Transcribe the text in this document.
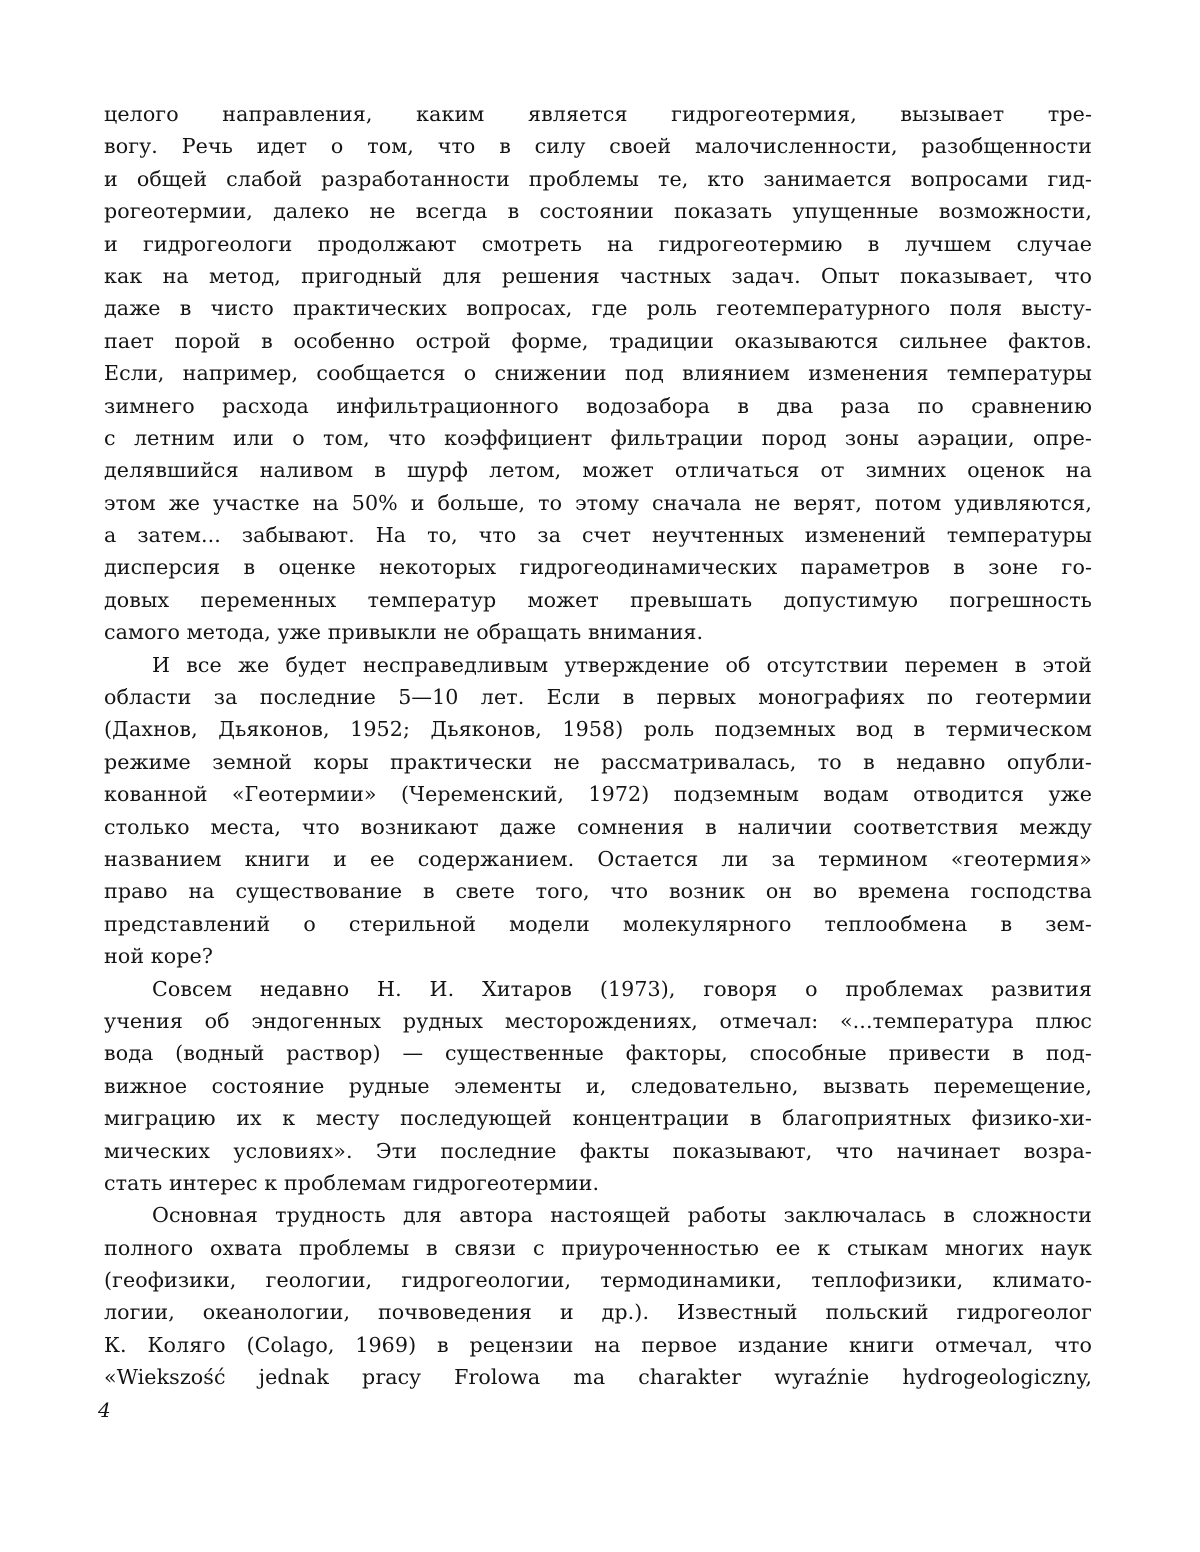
целого направления, каким является гидрогеотермия, вызывает тре-
вогу. Речь идет о том, что в силу своей малочисленности, разобщенности
и общей слабой разработанности проблемы те, кто занимается вопросами гид-
рогеотермии, далеко не всегда в состоянии показать упущенные возможности,
и гидрогеологи продолжают смотреть на гидрогеотермию в лучшем случае
как на метод, пригодный для решения частных задач. Опыт показывает, что
даже в чисто практических вопросах, где роль геотемпературного поля высту-
пает порой в особенно острой форме, традиции оказываются сильнее фактов.
Если, например, сообщается о снижении под влиянием изменения температуры
зимнего расхода инфильтрационного водозабора в два раза по сравнению
с летним или о том, что коэффициент фильтрации пород зоны аэрации, опре-
делявшийся наливом в шурф летом, может отличаться от зимних оценок на
этом же участке на 50% и больше, то этому сначала не верят, потом удивляются,
а затем... забывают. На то, что за счет неучтенных изменений температуры
дисперсия в оценке некоторых гидрогеодинамических параметров в зоне го-
довых переменных температур может превышать допустимую погрешность
самого метода, уже привыкли не обращать внимания.
И все же будет несправедливым утверждение об отсутствии перемен в этой
области за последние 5—10 лет. Если в первых монографиях по геотермии
(Дахнов, Дьяконов, 1952; Дьяконов, 1958) роль подземных вод в термическом
режиме земной коры практически не рассматривалась, то в недавно опубли-
кованной «Геотермии» (Череменский, 1972) подземным водам отводится уже
столько места, что возникают даже сомнения в наличии соответствия между
названием книги и ее содержанием. Остается ли за термином «геотермия»
право на существование в свете того, что возник он во времена господства
представлений о стерильной модели молекулярного теплообмена в зем-
ной коре?
Совсем недавно Н. И. Хитаров (1973), говоря о проблемах развития
учения об эндогенных рудных месторождениях, отмечал: «...температура плюс
вода (водный раствор) — существенные факторы, способные привести в под-
вижное состояние рудные элементы и, следовательно, вызвать перемещение,
миграцию их к месту последующей концентрации в благоприятных физико-хи-
мических условиях». Эти последние факты показывают, что начинает возра-
стать интерес к проблемам гидрогеотермии.
Основная трудность для автора настоящей работы заключалась в сложности
полного охвата проблемы в связи с приуроченностью ее к стыкам многих наук
(геофизики, геологии, гидрогеологии, термодинамики, теплофизики, климато-
логии, океанологии, почвоведения и др.). Известный польский гидрогеолог
К. Колягo (Colago, 1969) в рецензии на первое издание книги отмечал, что
«Wiekszość jednak pracy Frolowa ma charakter wyraźnie hydrogeologiczny,
4
